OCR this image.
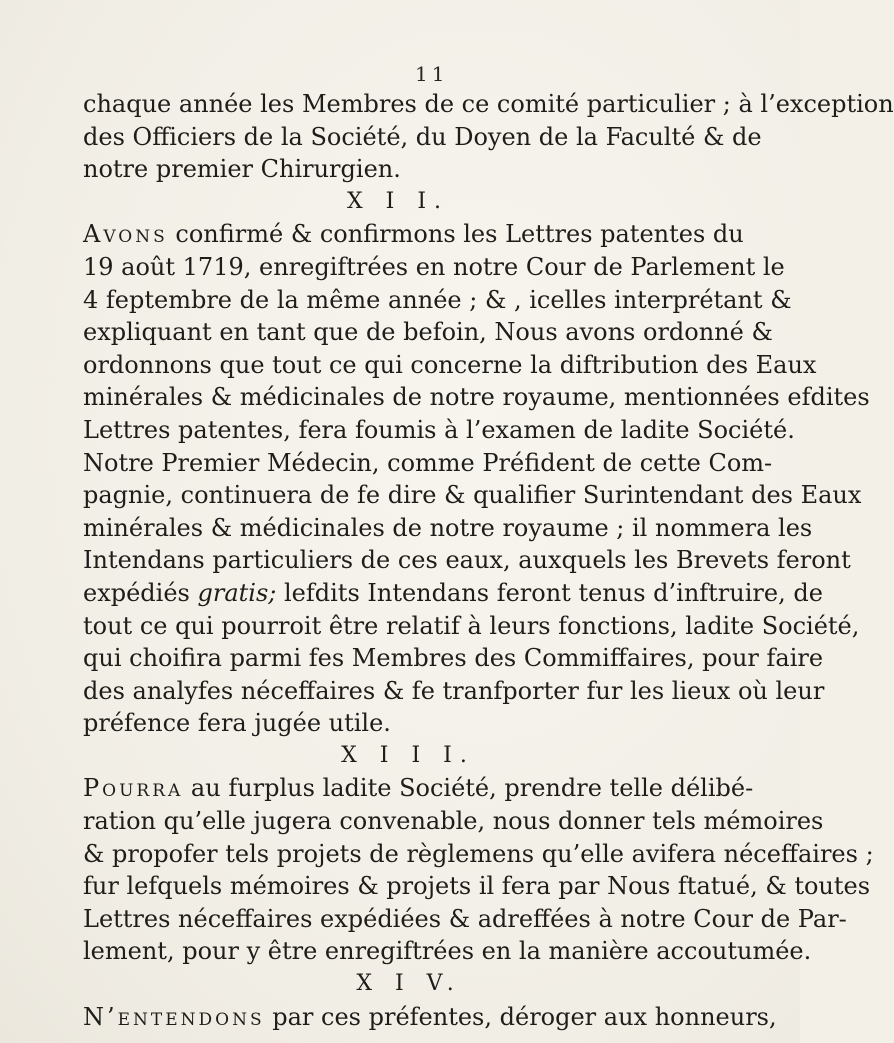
11
chaque année les Membres de ce comité particulier ; à l’exception
des Officiers de la Société, du Doyen de la Faculté & de
notre premier Chirurgien.
X I I.
Avons confirmé & confirmons les Lettres patentes du
19 août 1719, enregiftrées en notre Cour de Parlement le
4 feptembre de la même année ; & , icelles interprétant &
expliquant en tant que de befoin, Nous avons ordonné &
ordonnons que tout ce qui concerne la diftribution des Eaux
minérales & médicinales de notre royaume, mentionnées efdites
Lettres patentes, fera foumis à l’examen de ladite Société.
Notre Premier Médecin, comme Préfident de cette Com-
pagnie, continuera de fe dire & qualifier Surintendant des Eaux
minérales & médicinales de notre royaume ; il nommera les
Intendans particuliers de ces eaux, auxquels les Brevets feront
expédiés gratis; lefdits Intendans feront tenus d’inftruire, de
tout ce qui pourroit être relatif à leurs fonctions, ladite Société,
qui choifira parmi fes Membres des Commiffaires, pour faire
des analyfes néceffaires & fe tranfporter fur les lieux où leur
préfence fera jugée utile.
X I I I.
Pourra au furplus ladite Société, prendre telle délibé-
ration qu’elle jugera convenable, nous donner tels mémoires
& propofer tels projets de règlemens qu’elle avifera néceffaires ;
fur lefquels mémoires & projets il fera par Nous ftatué, & toutes
Lettres néceffaires expédiées & adreffées à notre Cour de Par-
lement, pour y être enregiftrées en la manière accoutumée.
X I V.
N’entendons par ces préfentes, déroger aux honneurs,
